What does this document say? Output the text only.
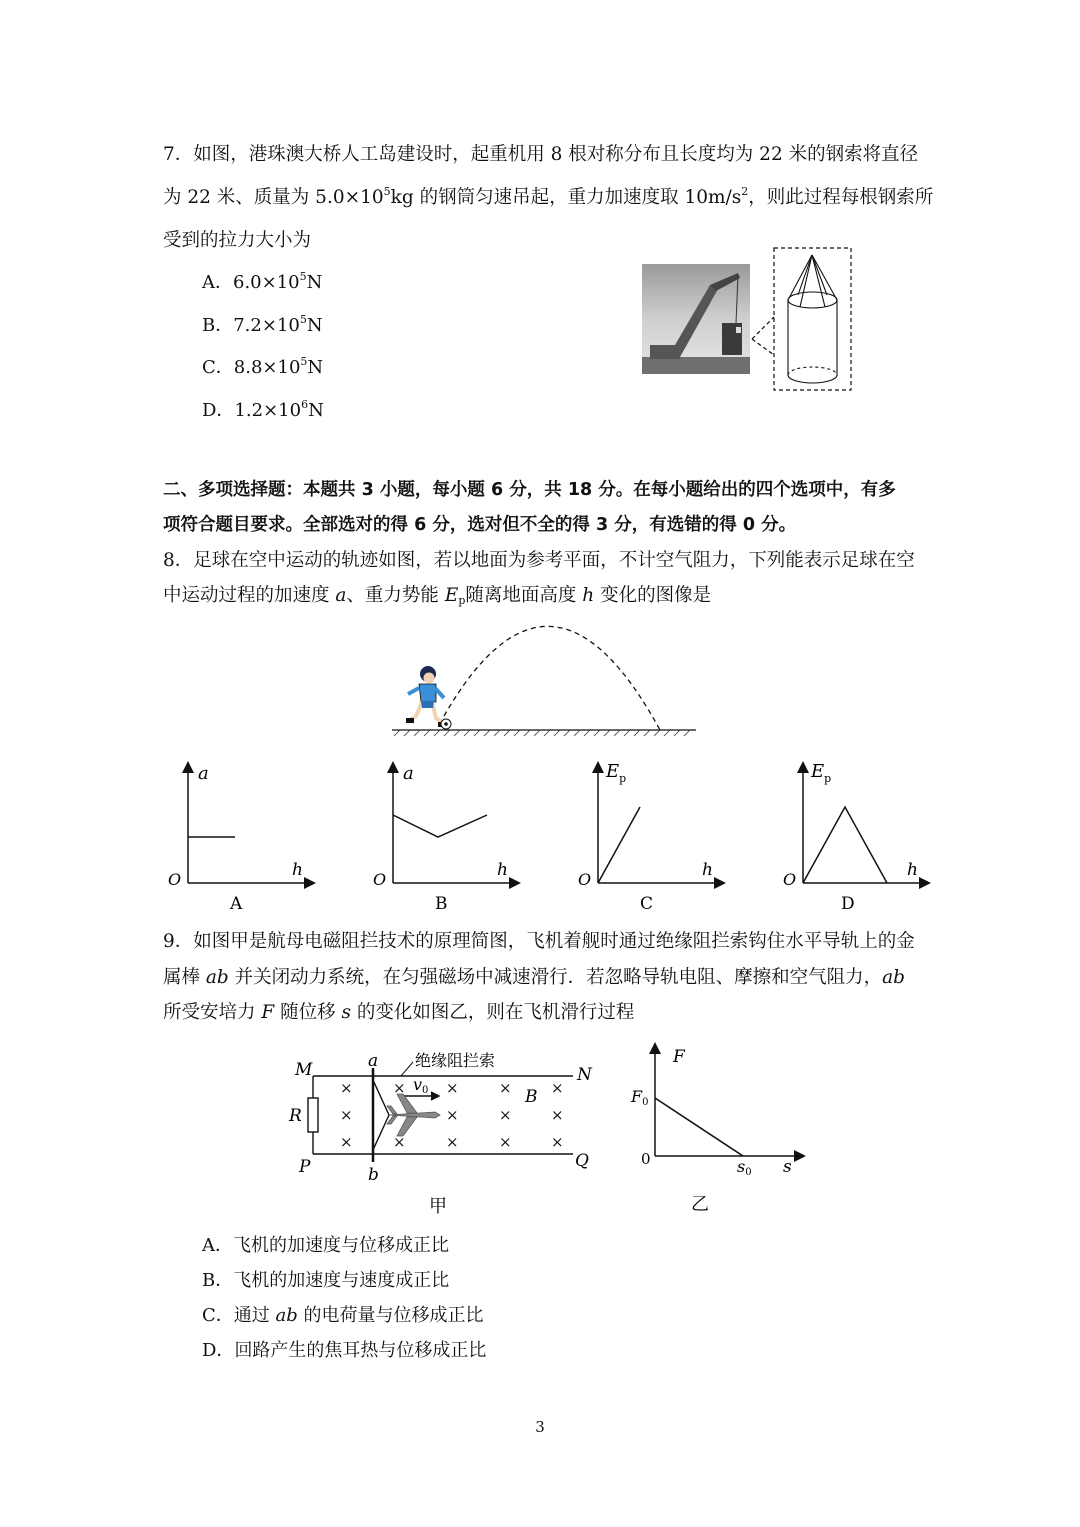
7．如图，港珠澳大桥人工岛建设时，起重机用 8 根对称分布且长度均为 22 米的钢索将直径
为 22 米、质量为 $5.0\times 10^5kg$ 的钢筒匀速吊起，重力加速度取 $10m/s^2$，则此过程每根钢索所
受到的拉力大小为
A．$6.0\times 10^5N$
B．$7.2\times 10^5N$
C．$8.8\times 10^5N$
D．$1.2\times 10^6N$
二、多项选择题：本题共 3 小题，每小题 6 分，共 18 分。在每小题给出的四个选项中，有多
项符合题目要求。全部选对的得 6 分，选对但不全的得 3 分，有选错的得 0 分。
8．足球在空中运动的轨迹如图，若以地面为参考平面，不计空气阻力，下列能表示足球在空
中运动过程的加速度 a、重力势能 $E_p$随离地面高度 h 变化的图像是
a
O	h
A
a
O	h
B
$E_p$
O	h
C
$E_p$
O	h
D
9．如图甲是航母电磁阻拦技术的原理简图，飞机着舰时通过绝缘阻拦索钩住水平导轨上的金
属棒 ab 并关闭动力系统，在匀强磁场中减速滑行．若忽略导轨电阻、摩擦和空气阻力，ab
所受安培力 F 随位移 s 的变化如图乙，则在飞机滑行过程
×
×
×
×
×
×
×
×
×
×
×
×
×
×
M	N
P	Q
R
a
b
B
v0
绝缘阻拦索
甲
F
F0
0	s0 s
乙
A．飞机的加速度与位移成正比
B．飞机的加速度与速度成正比
C．通过 ab 的电荷量与位移成正比
D．回路产生的焦耳热与位移成正比
3
